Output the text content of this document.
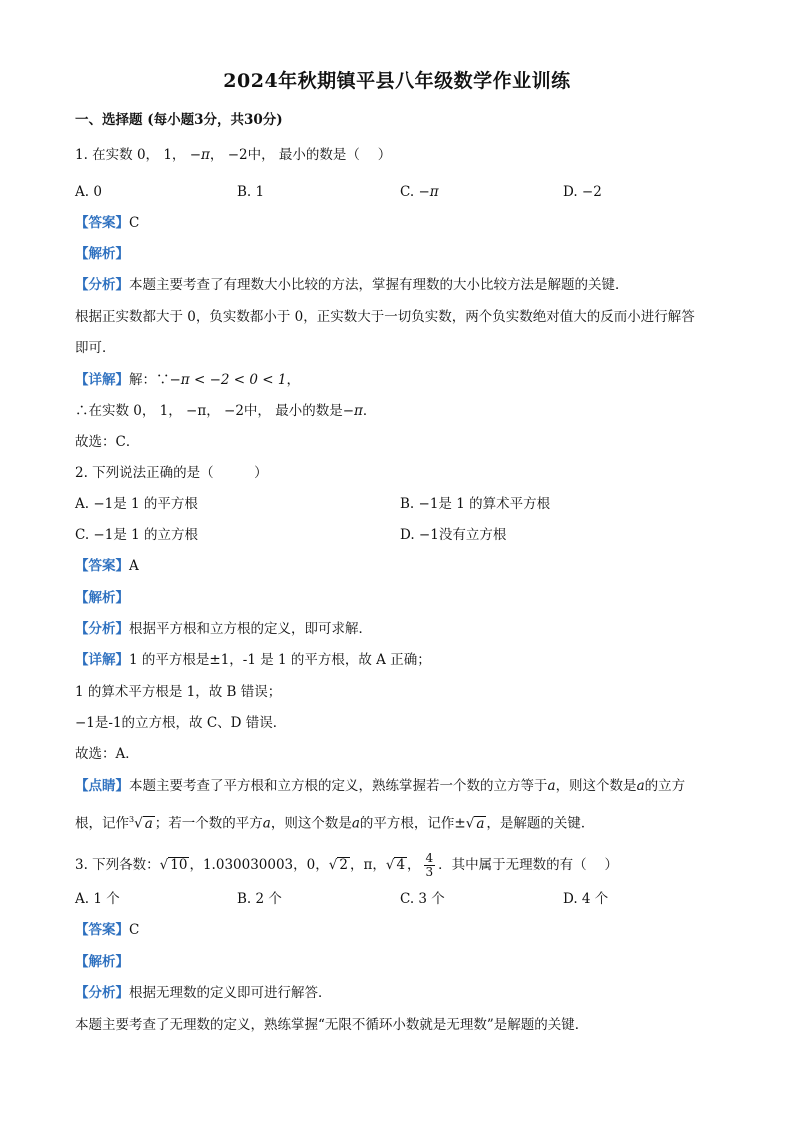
2024年秋期镇平县八年级数学作业训练
一、选择题 (每小题3分，共30分)
1. 在实数 0， 1， −π， −2中， 最小的数是（　 ）
A. 0	B. 1	C. −π	D. −2
【答案】C
【解析】
【分析】本题主要考查了有理数大小比较的方法，掌握有理数的大小比较方法是解题的关键．
根据正实数都大于 0，负实数都小于 0，正实数大于一切负实数，两个负实数绝对值大的反而小进行解答
即可．
【详解】解：∵−π < −2 < 0 < 1，
∴在实数 0， 1， −π， −2中， 最小的数是−π．
故选：C．
2. 下列说法正确的是（　　　）
A. −1是 1 的平方根	B. −1是 1 的算术平方根
C. −1是 1 的立方根	D. −1没有立方根
【答案】A
【解析】
【分析】根据平方根和立方根的定义，即可求解．
【详解】1 的平方根是±1，-1 是 1 的平方根，故 A 正确；
1 的算术平方根是 1，故 B 错误；
−1是-1的立方根，故 C、D 错误．
故选：A．
【点睛】本题主要考查了平方根和立方根的定义，熟练掌握若一个数的立方等于a，则这个数是a的立方
根，记作$^3$√ a ；若一个数的平方a，则这个数是a的平方根，记作±√ a ，是解题的关键．
3. 下列各数：√ 10 ，1.030030003，0，√ 2 ，π，√ 4 ， $\frac{4}{3}$ ．其中属于无理数的有（　 ）
A. 1 个	B. 2 个	C. 3 个	D. 4 个
【答案】C
【解析】
【分析】根据无理数的定义即可进行解答．
本题主要考查了无理数的定义，熟练掌握“无限不循环小数就是无理数”是解题的关键．
